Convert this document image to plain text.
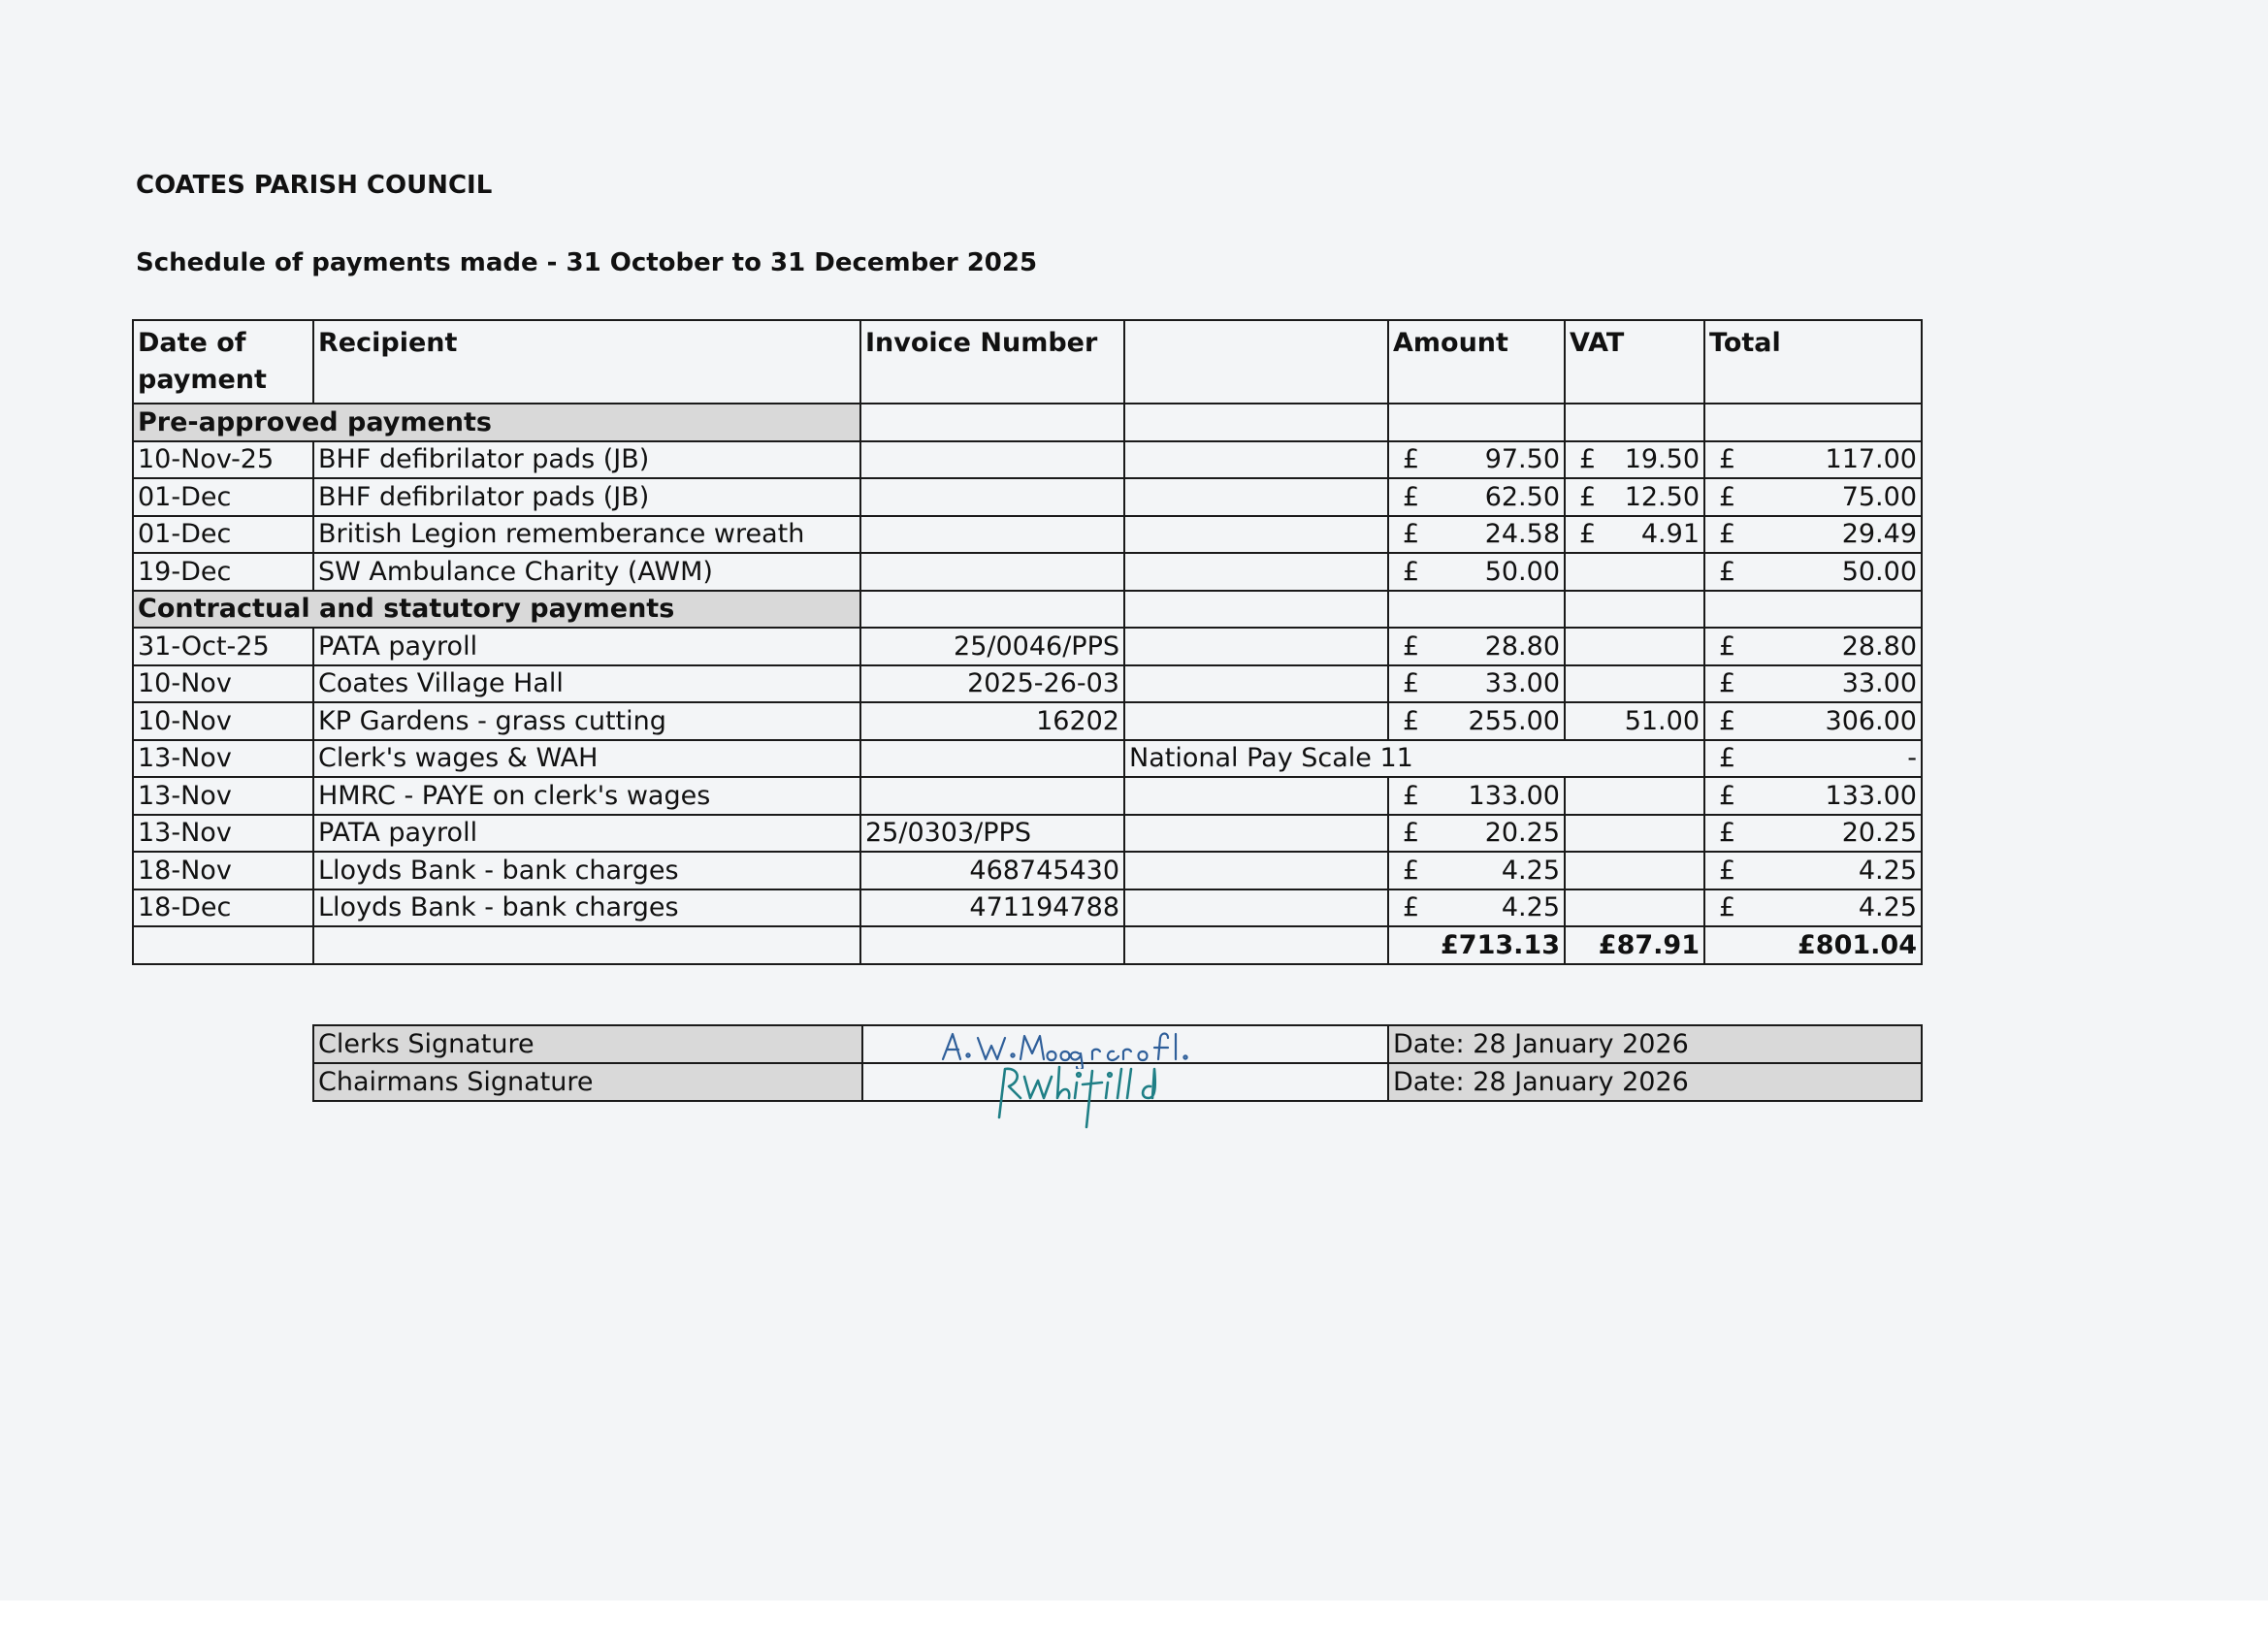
COATES PARISH COUNCIL
Schedule of payments made - 31 October to 31 December 2025
Date of payment	Recipient	Invoice Number		Amount	VAT	Total
Pre-approved payments						
10-Nov-25	BHF defibrilator pads (JB)			£ 97.50	£ 19.50	£ 117.00

01-Dec	BHF defibrilator pads (JB)			£ 62.50	£ 12.50	£ 75.00

01-Dec	British Legion rememberance wreath			£ 24.58	£ 4.91	£ 29.49

19-Dec	SW Ambulance Charity (AWM)			£ 50.00		£ 50.00

Contractual and statutory payments						
31-Oct-25	PATA payroll	25/0046/PPS		£ 28.80		£ 28.80

10-Nov	Coates Village Hall	2025-26-03		£ 33.00		£ 33.00

10-Nov	KP Gardens - grass cutting	16202		£ 255.00	51.00	£ 306.00

13-Nov	Clerk's wages & WAH		National Pay Scale 11			£ -

13-Nov	HMRC - PAYE on clerk's wages			£ 133.00		£ 133.00

13-Nov	PATA payroll	25/0303/PPS		£ 20.25		£ 20.25

18-Nov	Lloyds Bank - bank charges	468745430		£ 4.25		£ 4.25

18-Dec	Lloyds Bank - bank charges	471194788		£ 4.25		£ 4.25

				£713.13	£87.91	£801.04
Clerks Signature		Date: 28 January 2026
Chairmans Signature		Date: 28 January 2026
